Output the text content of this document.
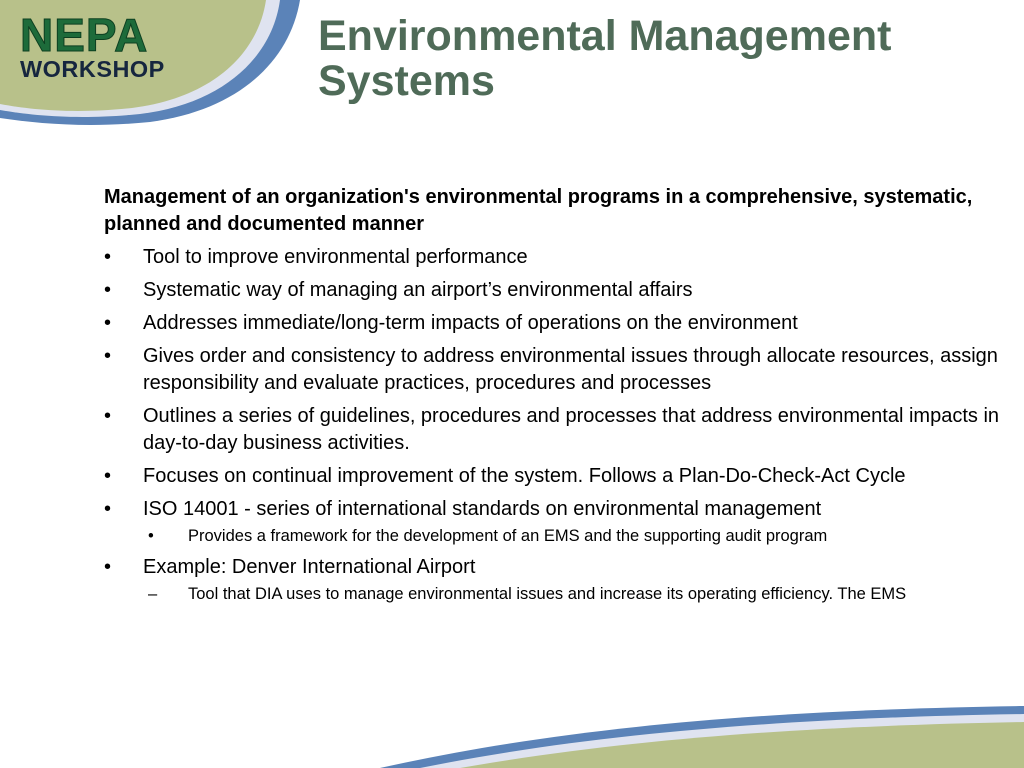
NEPA
WORKSHOP
Environmental Management
Systems

Management of an organization's environmental programs in a comprehensive, systematic, planned and documented manner

•	Tool to improve environmental performance
•	Systematic way of managing an airport’s environmental affairs
•	Addresses immediate/long-term impacts of operations on the environment
•	Gives order and consistency to address environmental issues through allocate resources, assign responsibility and evaluate practices, procedures and processes
•	Outlines a series of guidelines, procedures and processes that address environmental impacts in day-to-day business activities.
•	Focuses on continual improvement of the system. Follows a Plan-Do-Check-Act Cycle
•	ISO 14001 - series of international standards on environmental management
•	Provides a framework for the development of an EMS and the supporting audit program
•	Example: Denver International Airport
–	Tool that DIA uses to manage environmental issues and increase its operating efficiency. The EMS
